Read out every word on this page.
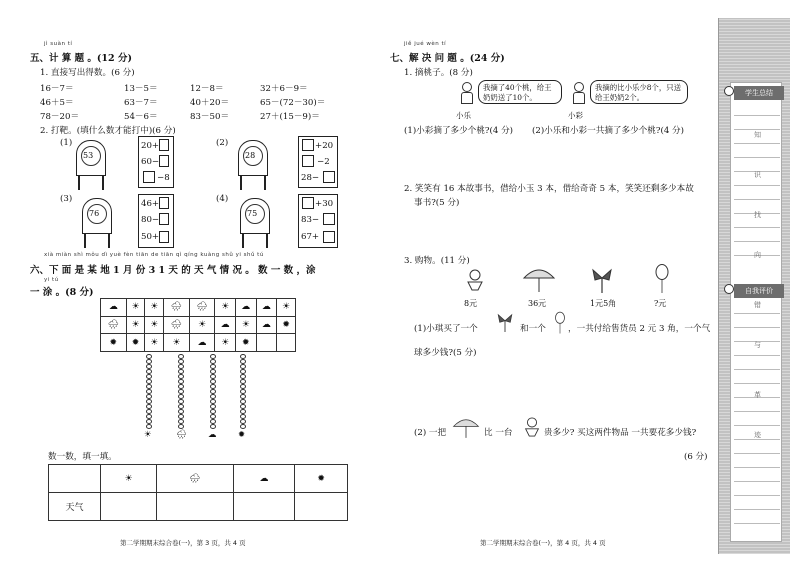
jì suàn tí
五、计 算 题 。(12 分)
1. 直接写出得数。(6 分)
16－7＝	13－5＝	12－8＝	32＋6－9＝
46＋5＝	63－7＝	40＋20＝	65－(72－30)＝
78－20＝	54－6＝	83－50＝	27＋(15－9)＝
2. 打靶。(填什么数才能打中)(6 分)
(1)
53
20+
60−
−8
(2)
28
+20
−2
28−
(3)
76
46+
80−
50+
(4)
75
+30
83−
67+
xià miàn shì mǒu dì yuè fèn tiān de tiān qì qíng kuàng shǔ yi shǔ tú
六、下 面 是 某 地 1 月 份 3 1 天 的 天 气 情 况 。 数 一 数 ，涂
yi tú
一 涂 。(8 分)
☁	☀	☀	🌧	🌧	☀	☁	☁	☀
🌧	☀	☀	🌧	☀	☁	☀	☁	✹
✹	✹	☀	☀	☁	☀	✹		
☀	🌧 ☁ ✹
数一数，填一填。
	☀	🌧	☁	✹
天气				
第二学期期末综合卷(一)，第 3 页，共 4 页
jiě jué wèn tí
七、解 决 问 题 。(24 分)
1. 摘桃子。(8 分)
我摘了40个桃，给王奶奶送了10个。
小乐
我摘的比小乐少8个，只送给王奶奶2个。
小彩
(1)小彩摘了多少个桃?(4 分) (2)小乐和小彩一共摘了多少个桃?(4 分)
2. 笑笑有 16 本故事书，借给小玉 3 本，借给奇奇 5 本，笑笑还剩多少本故
事书?(5 分)
3. 购物。(11 分)
8元	36元	1元5角	?元
(1)小琪买了一个	和一个	，一共付给售货员 2 元 3 角，一个气
球多少钱?(5 分)
(2) 一把	比 一台	贵多少? 买这两件物品 一共要花多少钱?
(6 分)
第二学期期末综合卷(一)，第 4 页，共 4 页
学生总结
自我评价
知
识
找
向
错
与
革
迹
